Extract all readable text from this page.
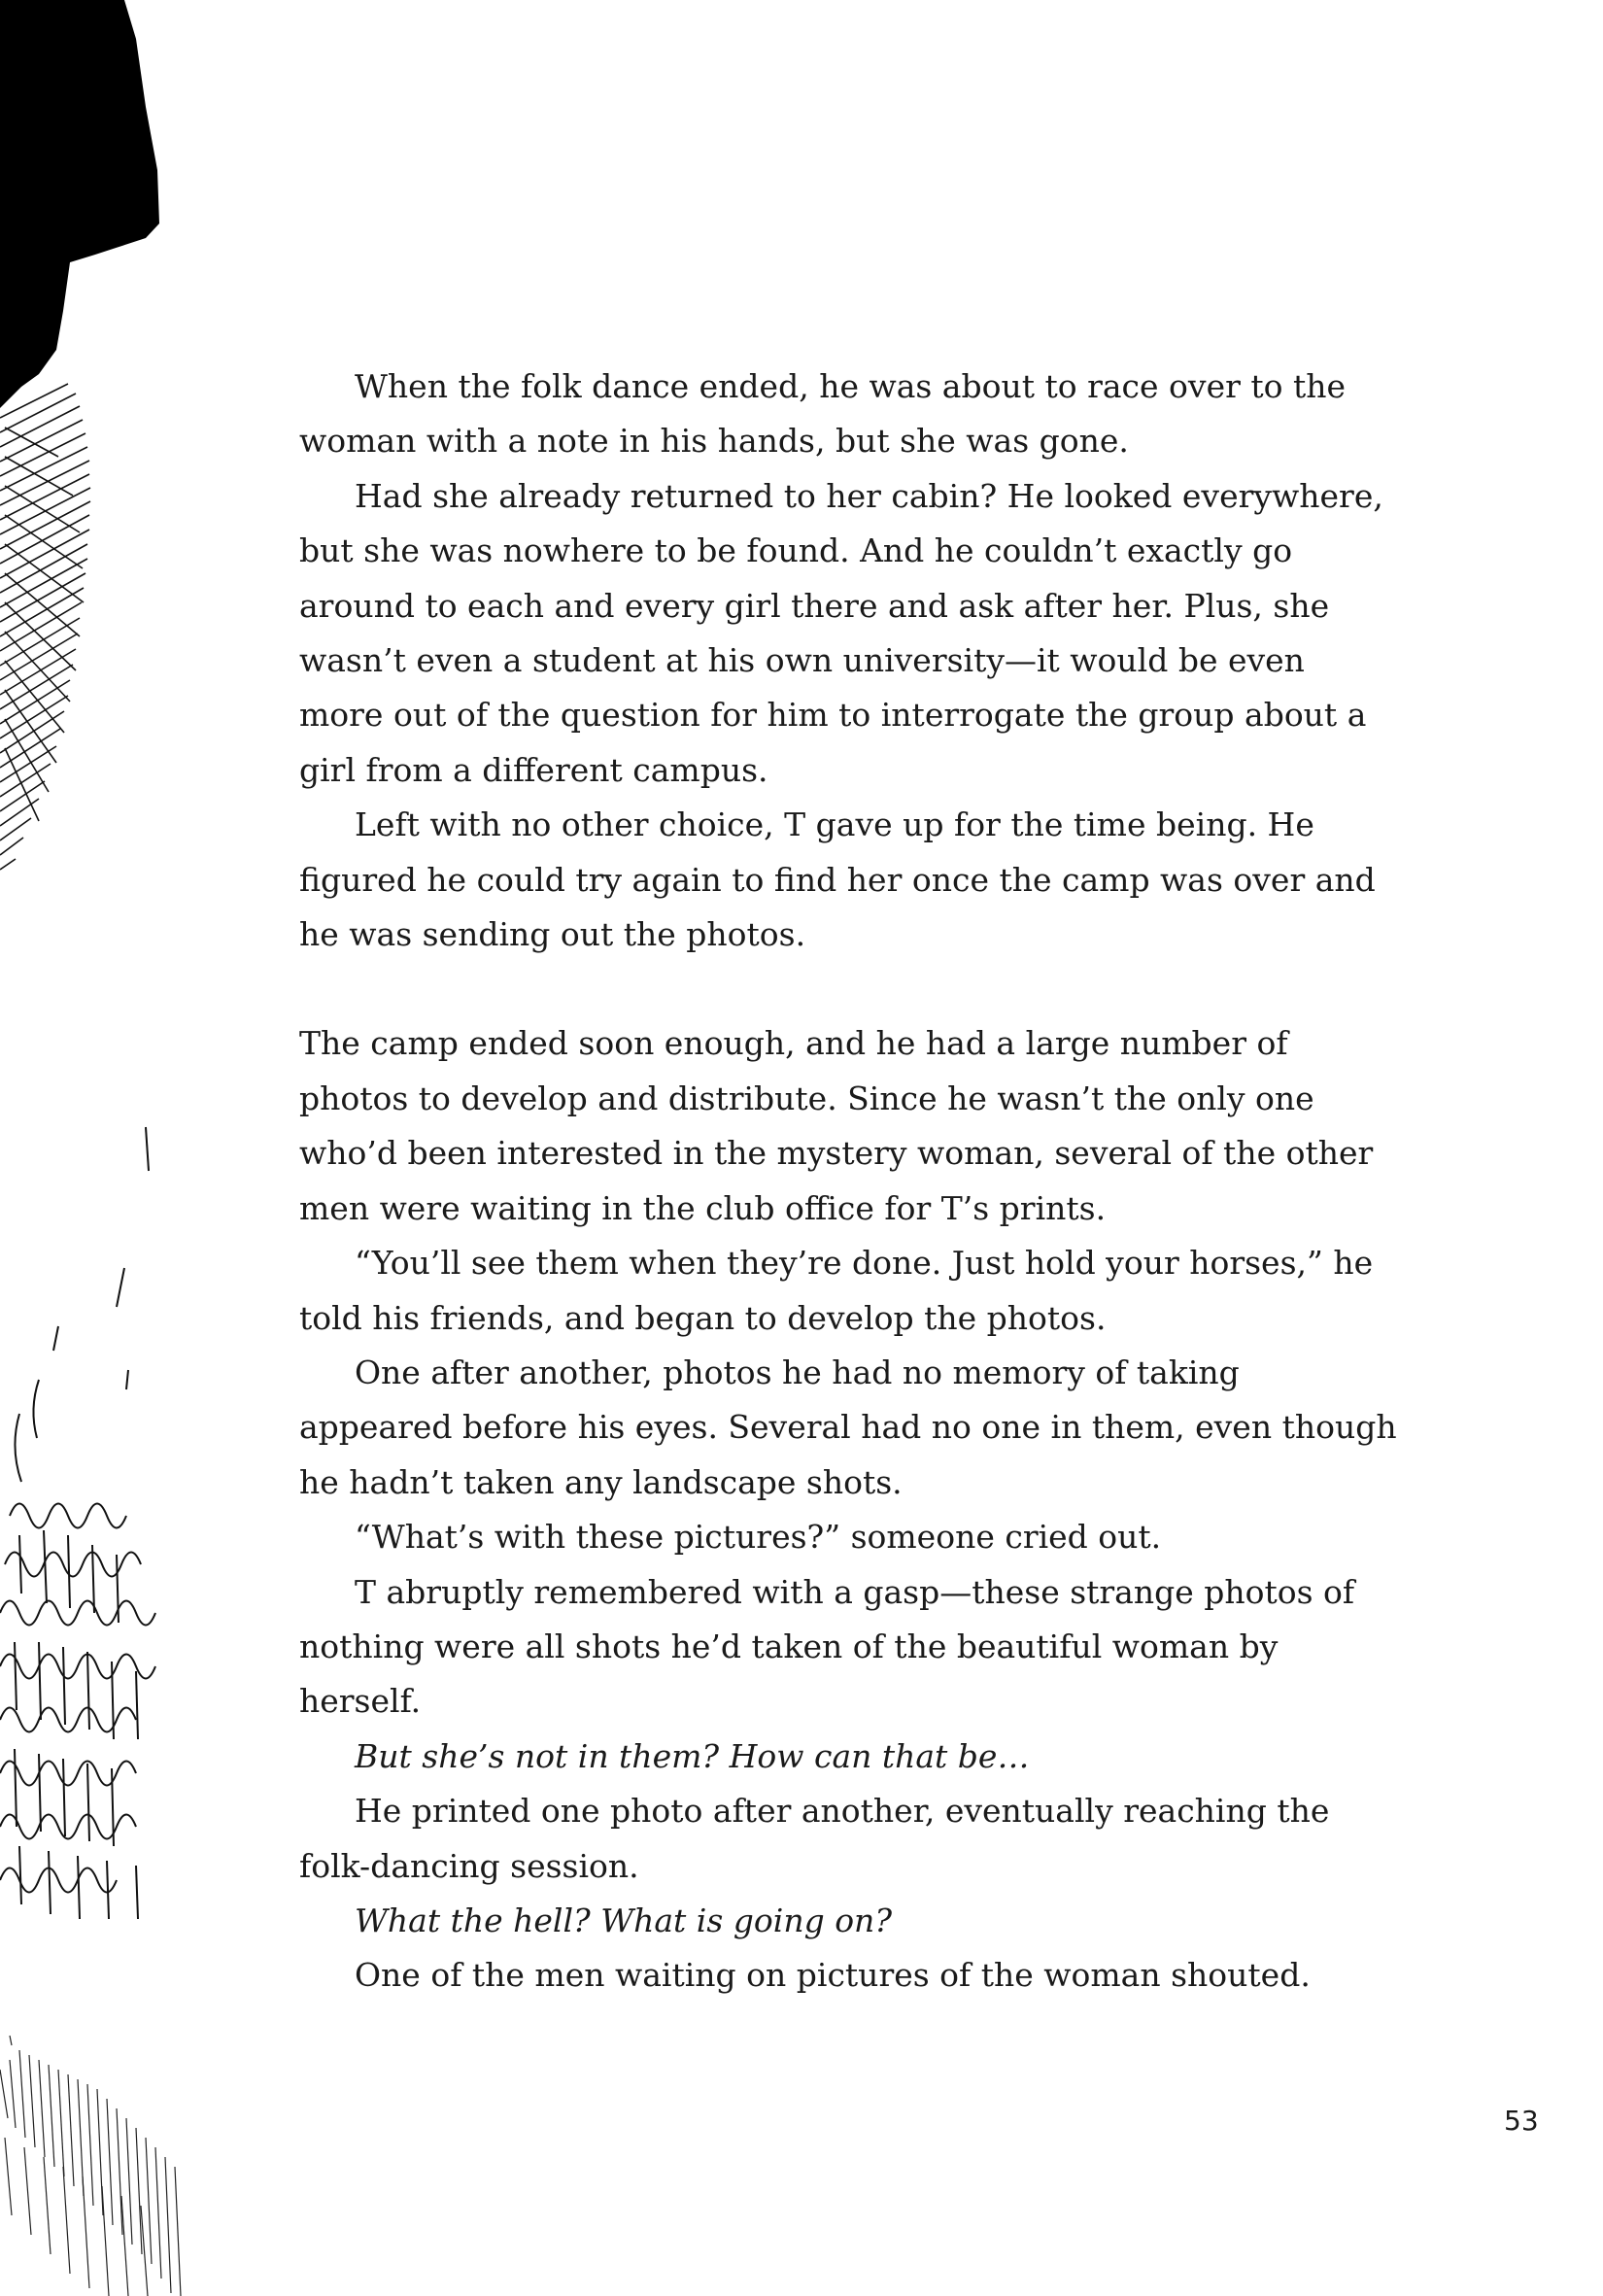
When the folk dance ended, he was about to race over to the woman with a note in his hands, but she was gone.

Had she already returned to her cabin? He looked everywhere, but she was nowhere to be found. And he couldn’t exactly go around to each and every girl there and ask after her. Plus, she wasn’t even a student at his own university—it would be even more out of the question for him to interrogate the group about a girl from a different campus.

Left with no other choice, T gave up for the time being. He figured he could try again to find her once the camp was over and he was sending out the photos.

The camp ended soon enough, and he had a large number of photos to develop and distribute. Since he wasn’t the only one who’d been interested in the mystery woman, several of the other men were waiting in the club office for T’s prints.

“You’ll see them when they’re done. Just hold your horses,” he told his friends, and began to develop the photos.

One after another, photos he had no memory of taking appeared before his eyes. Several had no one in them, even though he hadn’t taken any landscape shots.

“What’s with these pictures?” someone cried out.

T abruptly remembered with a gasp—these strange photos of nothing were all shots he’d taken of the beautiful woman by herself.

But she’s not in them? How can that be…

He printed one photo after another, eventually reaching the folk-dancing session.

What the hell? What is going on?

One of the men waiting on pictures of the woman shouted.

53
